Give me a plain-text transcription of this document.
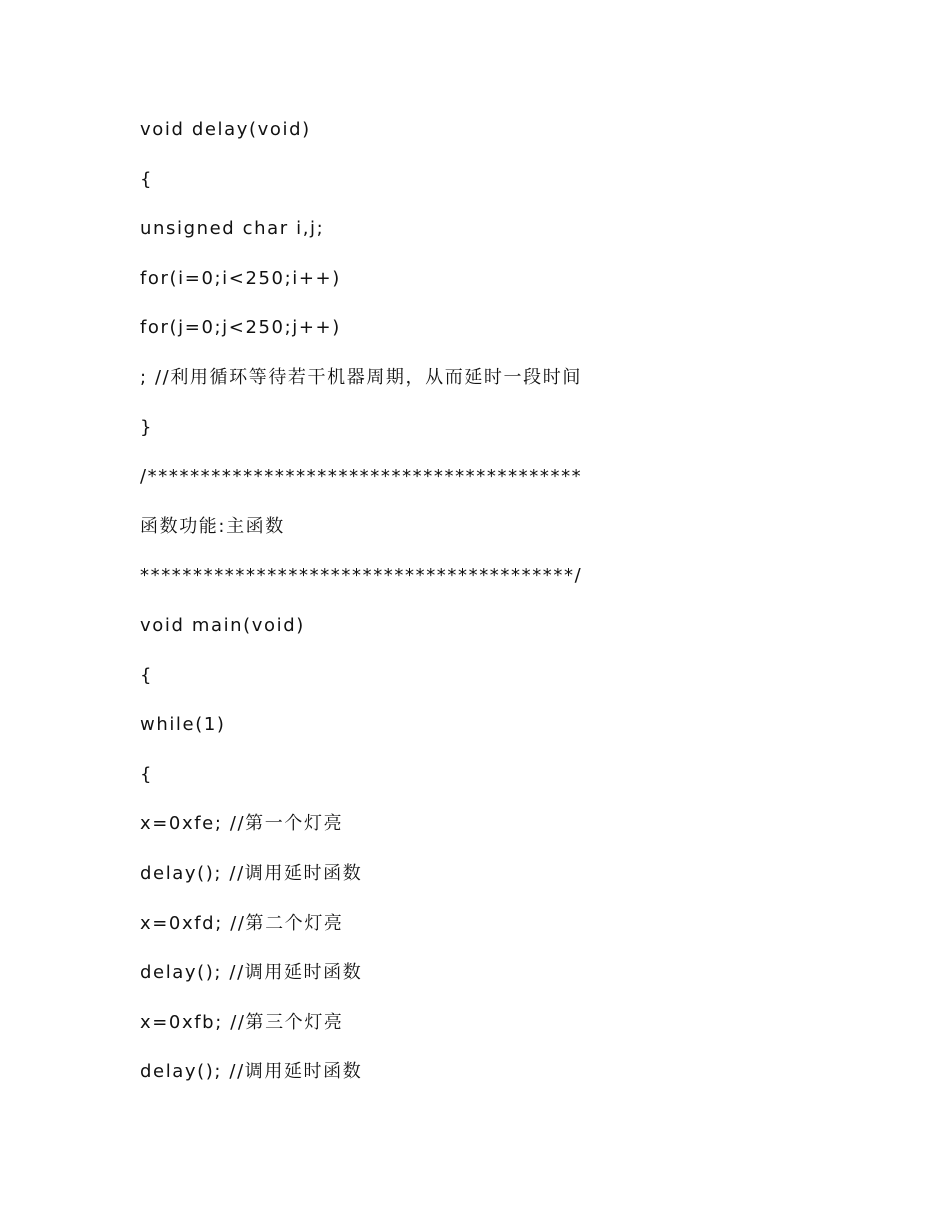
void delay(void)
{
unsigned char i,j;
for(i=0;i<250;i++)
for(j=0;j<250;j++)
; //利用循环等待若干机器周期，从而延时一段时间
}
/*****************************************
函数功能:主函数
*****************************************/
void main(void)
{
while(1)
{
x=0xfe; //第一个灯亮
delay(); //调用延时函数
x=0xfd; //第二个灯亮
delay(); //调用延时函数
x=0xfb; //第三个灯亮
delay(); //调用延时函数
